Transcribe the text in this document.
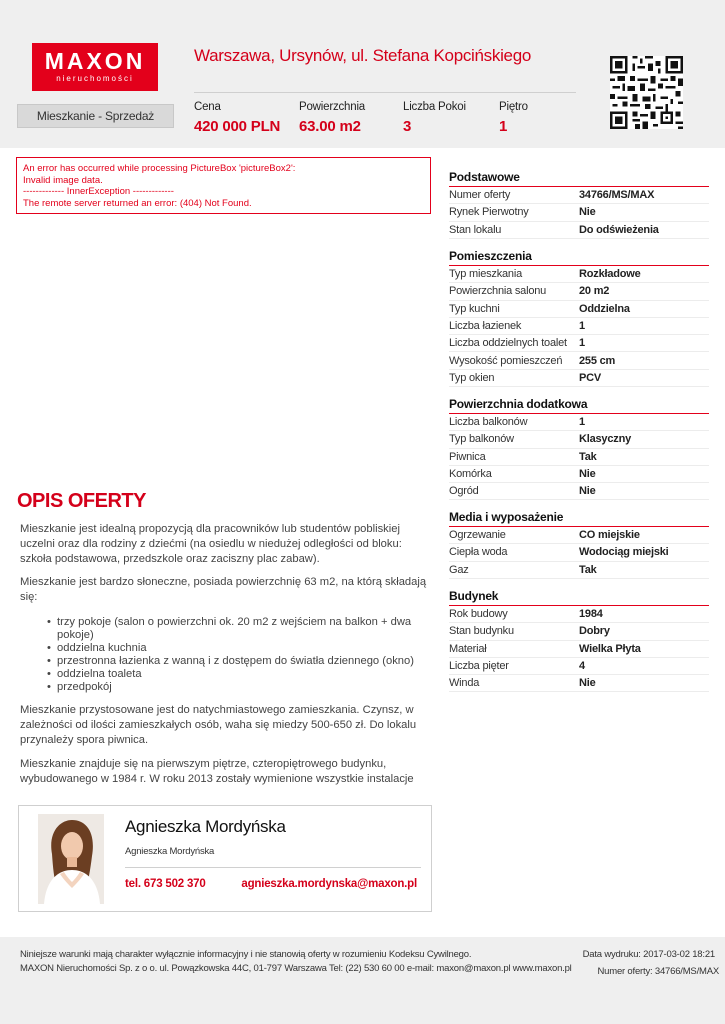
MAXON
nieruchomości
Warszawa, Ursynów, ul. Stefana Kopcińskiego
Mieszkanie - Sprzedaż
Cena
420 000 PLN
Powierzchnia
63.00 m2
Liczba Pokoi
3
Piętro
1
An error has occurred while processing PictureBox 'pictureBox2':
Invalid image data.
------------- InnerException -------------
The remote server returned an error: (404) Not Found.
Podstawowe
Numer oferty	34766/MS/MAX
Rynek Pierwotny	Nie
Stan lokalu	Do odświeżenia
Pomieszczenia
Typ mieszkania	Rozkładowe
Powierzchnia salonu	20 m2
Typ kuchni	Oddzielna
Liczba łazienek	1
Liczba oddzielnych toalet	1
Wysokość pomieszczeń	255 cm
Typ okien	PCV
Powierzchnia dodatkowa
Liczba balkonów	1
Typ balkonów	Klasyczny
Piwnica	Tak
Komórka	Nie
Ogród	Nie
Media i wyposażenie
Ogrzewanie	CO miejskie
Ciepła woda	Wodociąg miejski
Gaz	Tak
Budynek
Rok budowy	1984
Stan budynku	Dobry
Materiał	Wielka Płyta
Liczba pięter	4
Winda	Nie
OPIS OFERTY
Mieszkanie jest idealną propozycją dla pracowników lub studentów pobliskiej uczelni oraz dla rodziny z dziećmi (na osiedlu w niedużej odległości od bloku: szkoła podstawowa, przedszkole oraz zaciszny plac zabaw).
Mieszkanie jest bardzo słoneczne, posiada powierzchnię 63 m2, na którą składają się:
• trzy pokoje (salon o powierzchni ok. 20 m2 z wejściem na balkon + dwa pokoje)
• oddzielna kuchnia
• przestronna łazienka z wanną i z dostępem do światła dziennego (okno)
• oddzielna toaleta
• przedpokój
Mieszkanie przystosowane jest do natychmiastowego zamieszkania. Czynsz, w zależności od ilości zamieszkałych osób, waha się miedzy 500-650 zł. Do lokalu przynależy spora piwnica.
Mieszkanie znajduje się na pierwszym piętrze, czteropiętrowego budynku, wybudowanego w 1984 r. W roku 2013 zostały wymienione wszystkie instalacje
Agnieszka Mordyńska
Agnieszka Mordyńska
tel. 673 502 370	agnieszka.mordynska@maxon.pl
Niniejsze warunki mają charakter wyłącznie informacyjny i nie stanowią oferty w rozumieniu Kodeksu Cywilnego.
MAXON Nieruchomości Sp. z o o. ul. Powązkowska 44C, 01-797 Warszawa Tel: (22) 530 60 00 e-mail: maxon@maxon.pl www.maxon.pl
Data wydruku: 2017-03-02 18:21
Numer oferty: 34766/MS/MAX
